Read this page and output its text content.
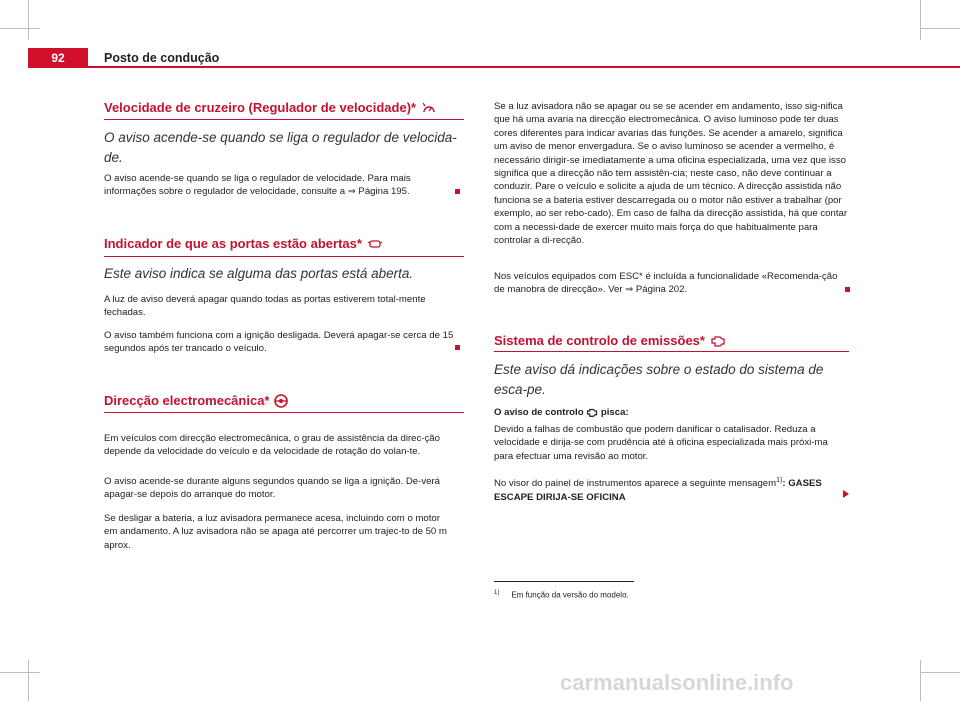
92	Posto de condução
Velocidade de cruzeiro (Regulador de velocidade)*
O aviso acende-se quando se liga o regulador de velocida-de.
O aviso acende-se quando se liga o regulador de velocidade. Para mais informações sobre o regulador de velocidade, consulte a ⇒ Página 195.
Indicador de que as portas estão abertas*
Este aviso indica se alguma das portas está aberta.
A luz de aviso deverá apagar quando todas as portas estiverem total-mente fechadas.
O aviso também funciona com a ignição desligada. Deverá apagar-se cerca de 15 segundos após ter trancado o veículo.
Direcção electromecânica*
Em veículos com direcção electromecânica, o grau de assistência da direc-ção depende da velocidade do veículo e da velocidade de rotação do volan-te.
O aviso acende-se durante alguns segundos quando se liga a ignição. De-verá apagar-se depois do arranque do motor.
Se desligar a bateria, a luz avisadora permanece acesa, incluindo com o motor em andamento. A luz avisadora não se apaga até percorrer um trajec-to de 50 m aprox.
Se a luz avisadora não se apagar ou se se acender em andamento, isso sig-nifica que há uma avaria na direcção electromecânica. O aviso luminoso pode ter duas cores diferentes para indicar avarias das funções. Se acender a amarelo, significa um aviso de menor envergadura. Se o aviso luminoso se acender a vermelho, é necessário dirigir-se imediatamente a uma oficina especializada, uma vez que isso significa que a direcção não tem assistên-cia; neste caso, não deve continuar a conduzir. Pare o veículo e solicite a ajuda de um técnico. A direcção assistida não funciona se a bateria estiver descarregada ou o motor não estiver a trabalhar (por exemplo, ao ser rebo-cado). Em caso de falha da direcção assistida, há que contar com a necessi-dade de exercer muito mais força do que habitualmente para controlar a di-recção.
Nos veículos equipados com ESC* é incluída a funcionalidade «Recomenda-ção de manobra de direcção». Ver ⇒ Página 202.
Sistema de controlo de emissões*
Este aviso dá indicações sobre o estado do sistema de esca-pe.
O aviso de controlo pisca:
Devido a falhas de combustão que podem danificar o catalisador. Reduza a velocidade e dirija-se com prudência até à oficina especializada mais próxi-ma para efectuar uma revisão ao motor.
No visor do painel de instrumentos aparece a seguinte mensagem$^{1)}$: GASES
ESCAPE DIRIJA-SE OFICINA
$^{1)}$ Em função da versão do modelo.
carmanualsonline.info
